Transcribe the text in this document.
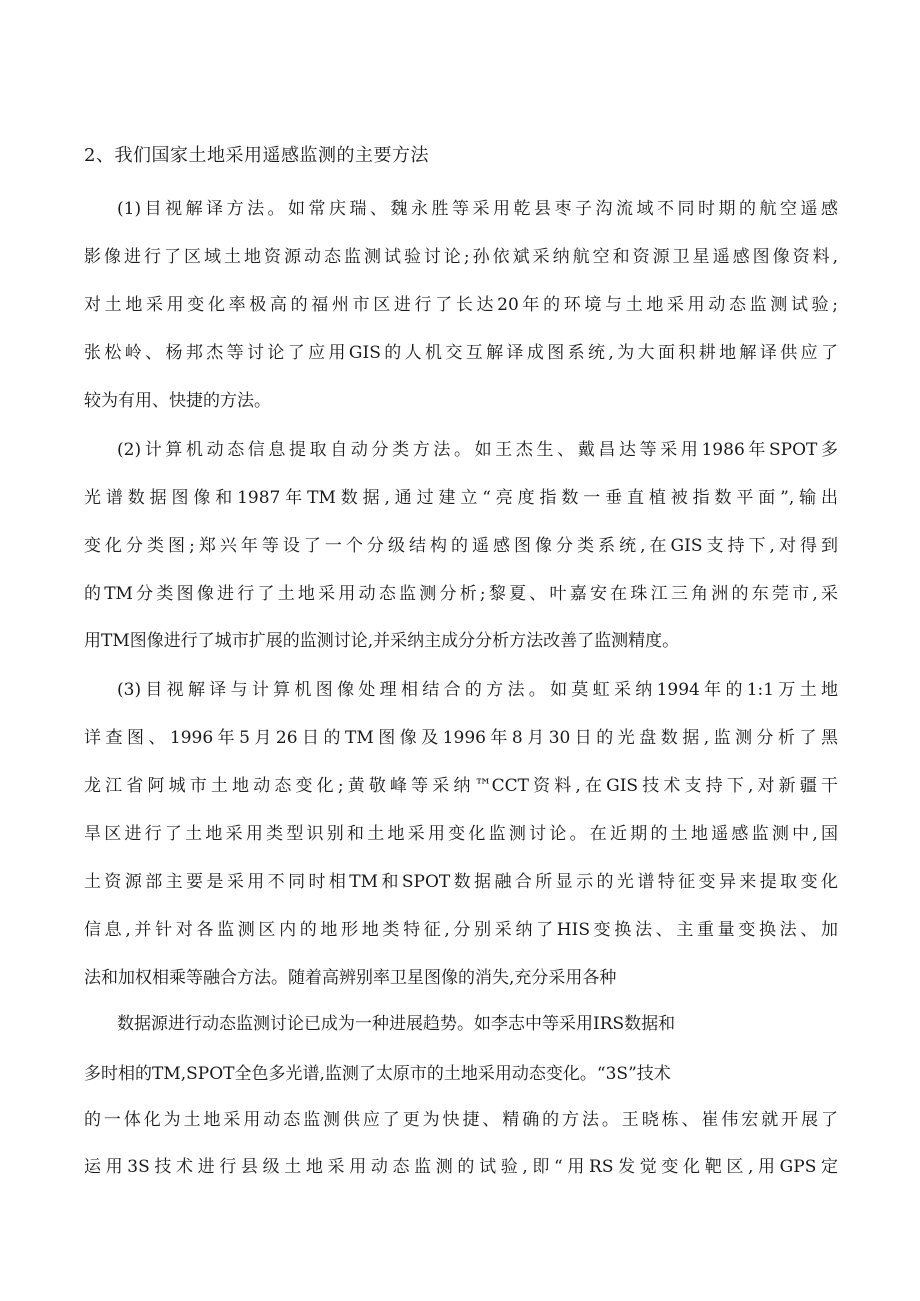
2、我们国家土地采用遥感监测的主要方法
(1)目视解译方法。如常庆瑞、魏永胜等采用乾县枣子沟流域不同时期的航空遥感
影像进行了区域土地资源动态监测试验讨论;孙依斌采纳航空和资源卫星遥感图像资料,
对土地采用变化率极高的福州市区进行了长达20年的环境与土地采用动态监测试验;
张松岭、杨邦杰等讨论了应用GIS的人机交互解译成图系统,为大面积耕地解译供应了
较为有用、快捷的方法。
(2)计算机动态信息提取自动分类方法。如王杰生、戴昌达等采用1986年SPOT多
光谱数据图像和1987年TM数据,通过建立“亮度指数一垂直植被指数平面”,输出
变化分类图;郑兴年等设了一个分级结构的遥感图像分类系统,在GIS支持下,对得到
的TM分类图像进行了土地采用动态监测分析;黎夏、叶嘉安在珠江三角洲的东莞市,采
用TM图像进行了城市扩展的监测讨论,并采纳主成分分析方法改善了监测精度。
(3)目视解译与计算机图像处理相结合的方法。如莫虹采纳1994年的1:1万土地
详查图、1996年5月26日的TM图像及1996年8月30日的光盘数据,监测分析了黑
龙江省阿城市土地动态变化;黄敬峰等采纳™CCT资料,在GIS技术支持下,对新疆干
旱区进行了土地采用类型识别和土地采用变化监测讨论。在近期的土地遥感监测中,国
土资源部主要是采用不同时相TM和SPOT数据融合所显示的光谱特征变异来提取变化
信息,并针对各监测区内的地形地类特征,分别采纳了HIS变换法、主重量变换法、加
法和加权相乘等融合方法。随着高辨别率卫星图像的消失,充分采用各种
数据源进行动态监测讨论已成为一种进展趋势。如李志中等采用IRS数据和
多时相的TM,SPOT全色多光谱,监测了太原市的土地采用动态变化。“3S”技术
的一体化为土地采用动态监测供应了更为快捷、精确的方法。王晓栋、崔伟宏就开展了
运用3S技术进行县级土地采用动态监测的试验,即“用RS发觉变化靶区,用GPS定
